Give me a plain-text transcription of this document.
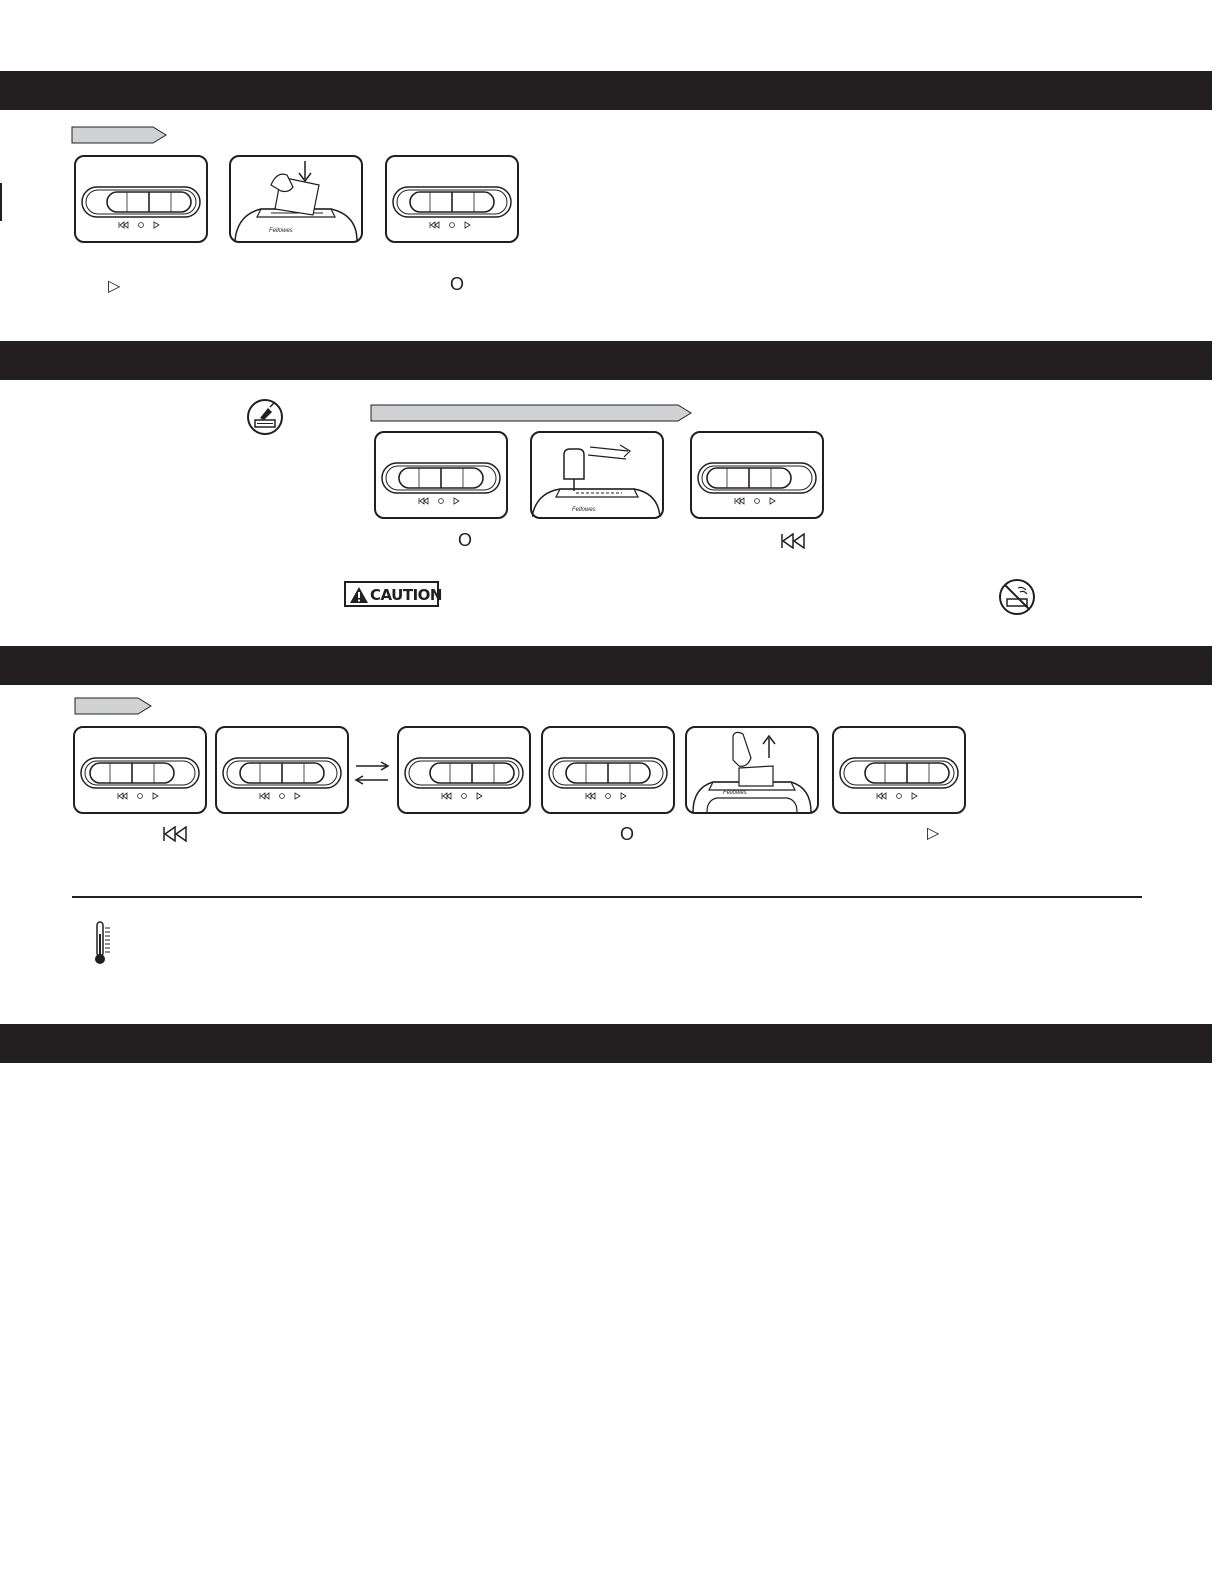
Fellowes
▷	O
Fellowes
O
CAUTION
Fellowes
O	▷
